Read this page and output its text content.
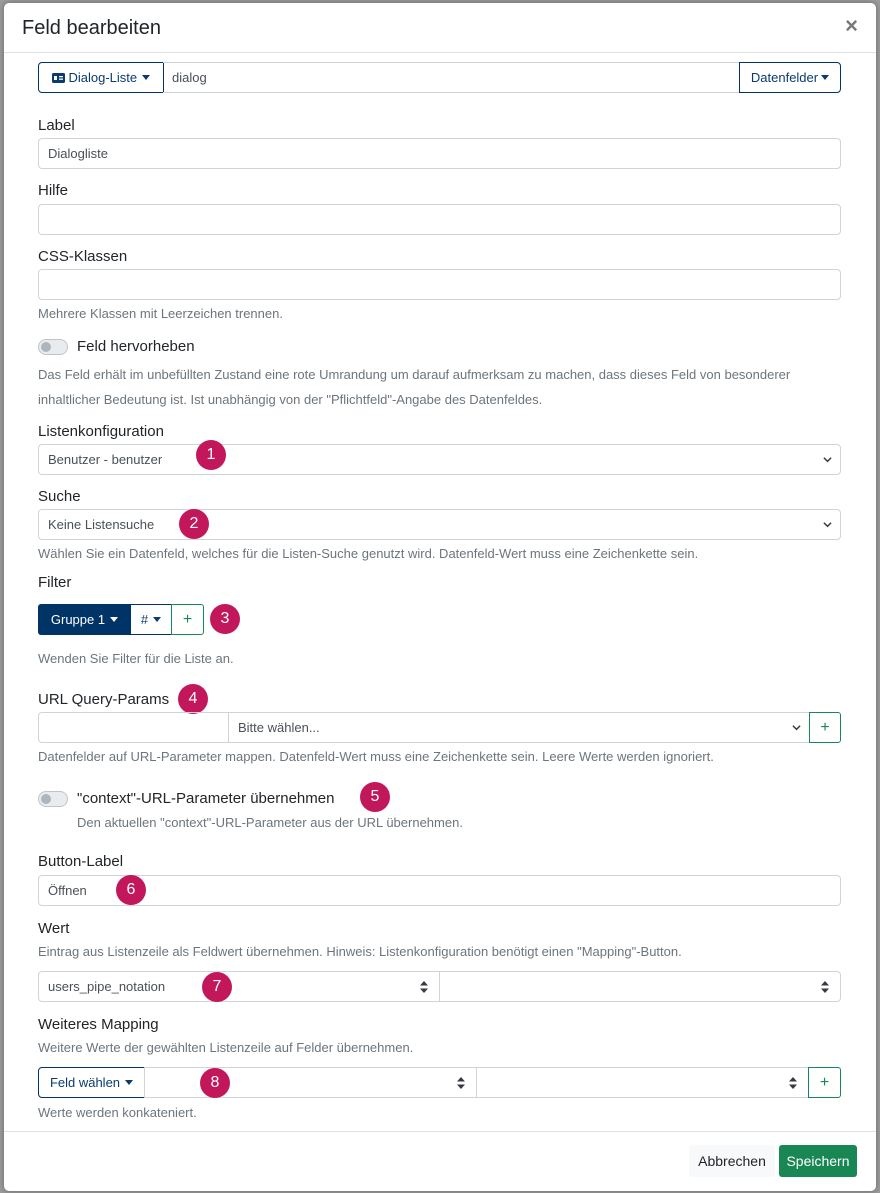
Feld bearbeiten	×
Dialog-Liste	dialog	Datenfelder
Label
Dialogliste
Hilfe
CSS-Klassen
Mehrere Klassen mit Leerzeichen trennen.
Feld hervorheben
Das Feld erhält im unbefüllten Zustand eine rote Umrandung um darauf aufmerksam zu machen, dass dieses Feld von besonderer
inhaltlicher Bedeutung ist. Ist unabhängig von der "Pflichtfeld"-Angabe des Datenfeldes.
Listenkonfiguration
Benutzer - benutzer	1
Suche
Keine Listensuche	2
Wählen Sie ein Datenfeld, welches für die Listen-Suche genutzt wird. Datenfeld-Wert muss eine Zeichenkette sein.
Filter
Gruppe 1	#	+	3
Wenden Sie Filter für die Liste an.
URL Query-Params	4
Bitte wählen...	+
Datenfelder auf URL-Parameter mappen. Datenfeld-Wert muss eine Zeichenkette sein. Leere Werte werden ignoriert.
"context"-URL-Parameter übernehmen	5
Den aktuellen "context"-URL-Parameter aus der URL übernehmen.
Button-Label
Öffnen	6
Wert
Eintrag aus Listenzeile als Feldwert übernehmen. Hinweis: Listenkonfiguration benötigt einen "Mapping"-Button.
users_pipe_notation	7
Weiteres Mapping
Weitere Werte der gewählten Listenzeile auf Felder übernehmen.
Feld wählen	+
8
Werte werden konkateniert.
Abbrechen	Speichern
